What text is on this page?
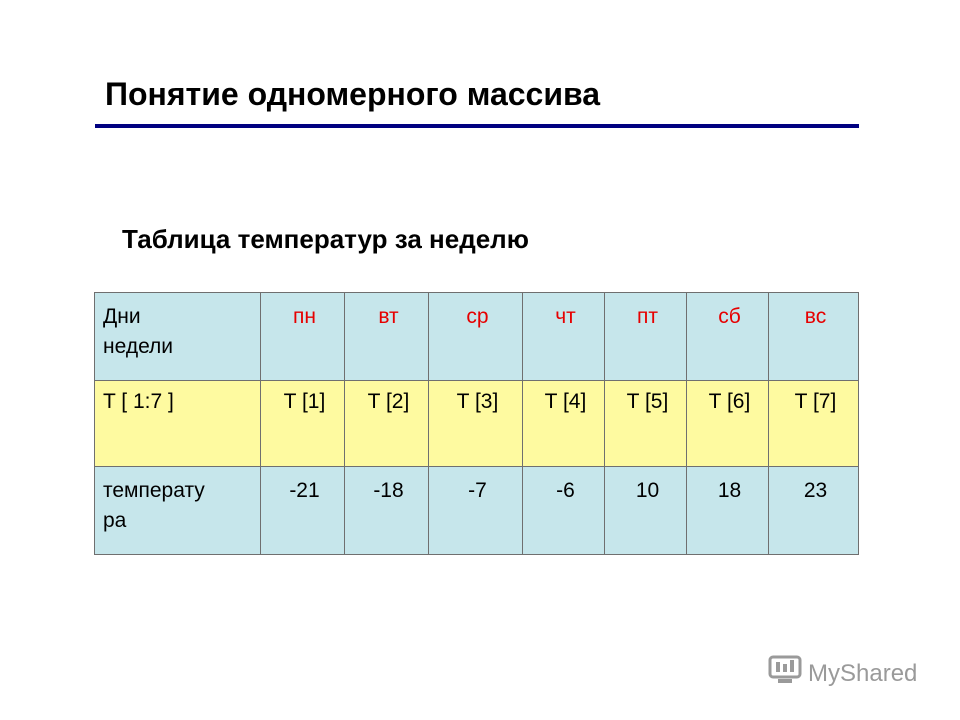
Понятие одномерного массива
Таблица температур за неделю
Дни
недели	пн	вт	ср	чт	пт	сб	вс
T [ 1:7 ]	T [1]	T [2]	T [3]	T [4]	T [5]	T [6]	T [7]

температу
ра	-21	-18	-7	-6	10	18	23
MyShared
